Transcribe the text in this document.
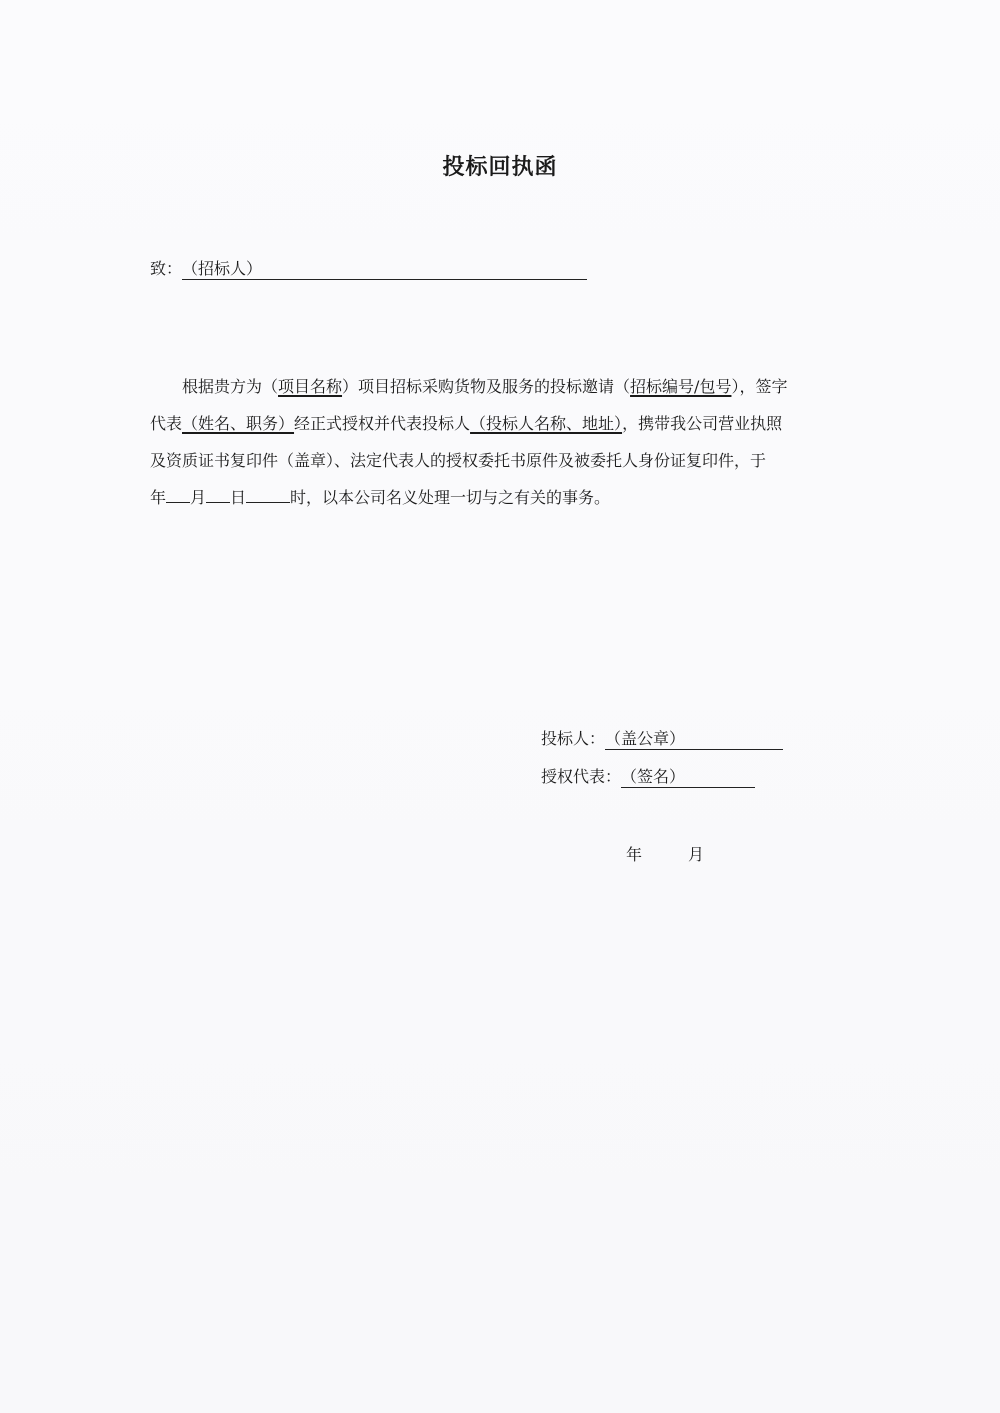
投标回执函
致：（招标人）
根据贵方为（项目名称）项目招标采购货物及服务的投标邀请（招标编号/包号），签字
代表（姓名、职务）经正式授权并代表投标人（投标人名称、地址），携带我公司营业执照
及资质证书复印件（盖章）、法定代表人的授权委托书原件及被委托人身份证复印件，于
年 月 日	时，以本公司名义处理一切与之有关的事务。
投标人：（盖公章）
授权代表：（签名）
年	月
